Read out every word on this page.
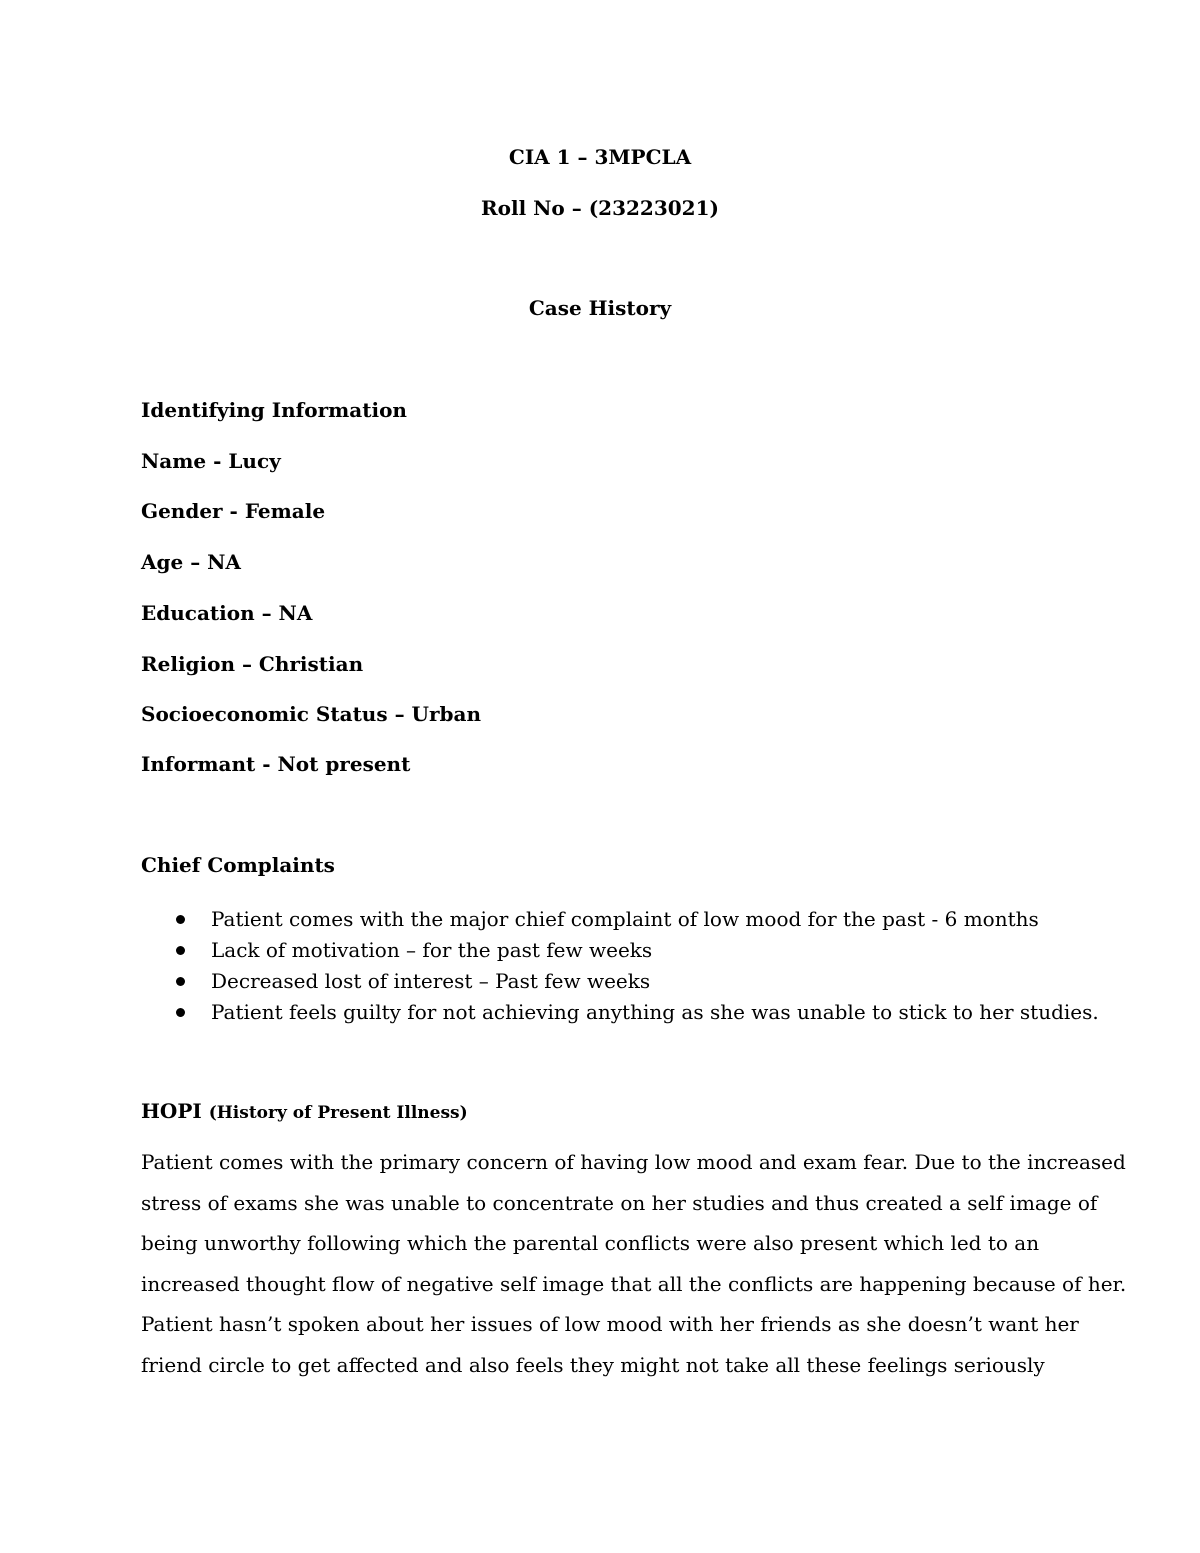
CIA 1 – 3MPCLA
Roll No – (23223021)
Case History
Identifying Information
Name - Lucy
Gender - Female
Age – NA
Education – NA
Religion – Christian
Socioeconomic Status – Urban
Informant - Not present
Chief Complaints
Patient comes with the major chief complaint of low mood for the past - 6 months
Lack of motivation – for the past few weeks
Decreased lost of interest – Past few weeks
Patient feels guilty for not achieving anything as she was unable to stick to her studies.
HOPI (History of Present Illness)
Patient comes with the primary concern of having low mood and exam fear. Due to the increased
stress of exams she was unable to concentrate on her studies and thus created a self image of
being unworthy following which the parental conflicts were also present which led to an
increased thought flow of negative self image that all the conflicts are happening because of her.
Patient hasn’t spoken about her issues of low mood with her friends as she doesn’t want her
friend circle to get affected and also feels they might not take all these feelings seriously
